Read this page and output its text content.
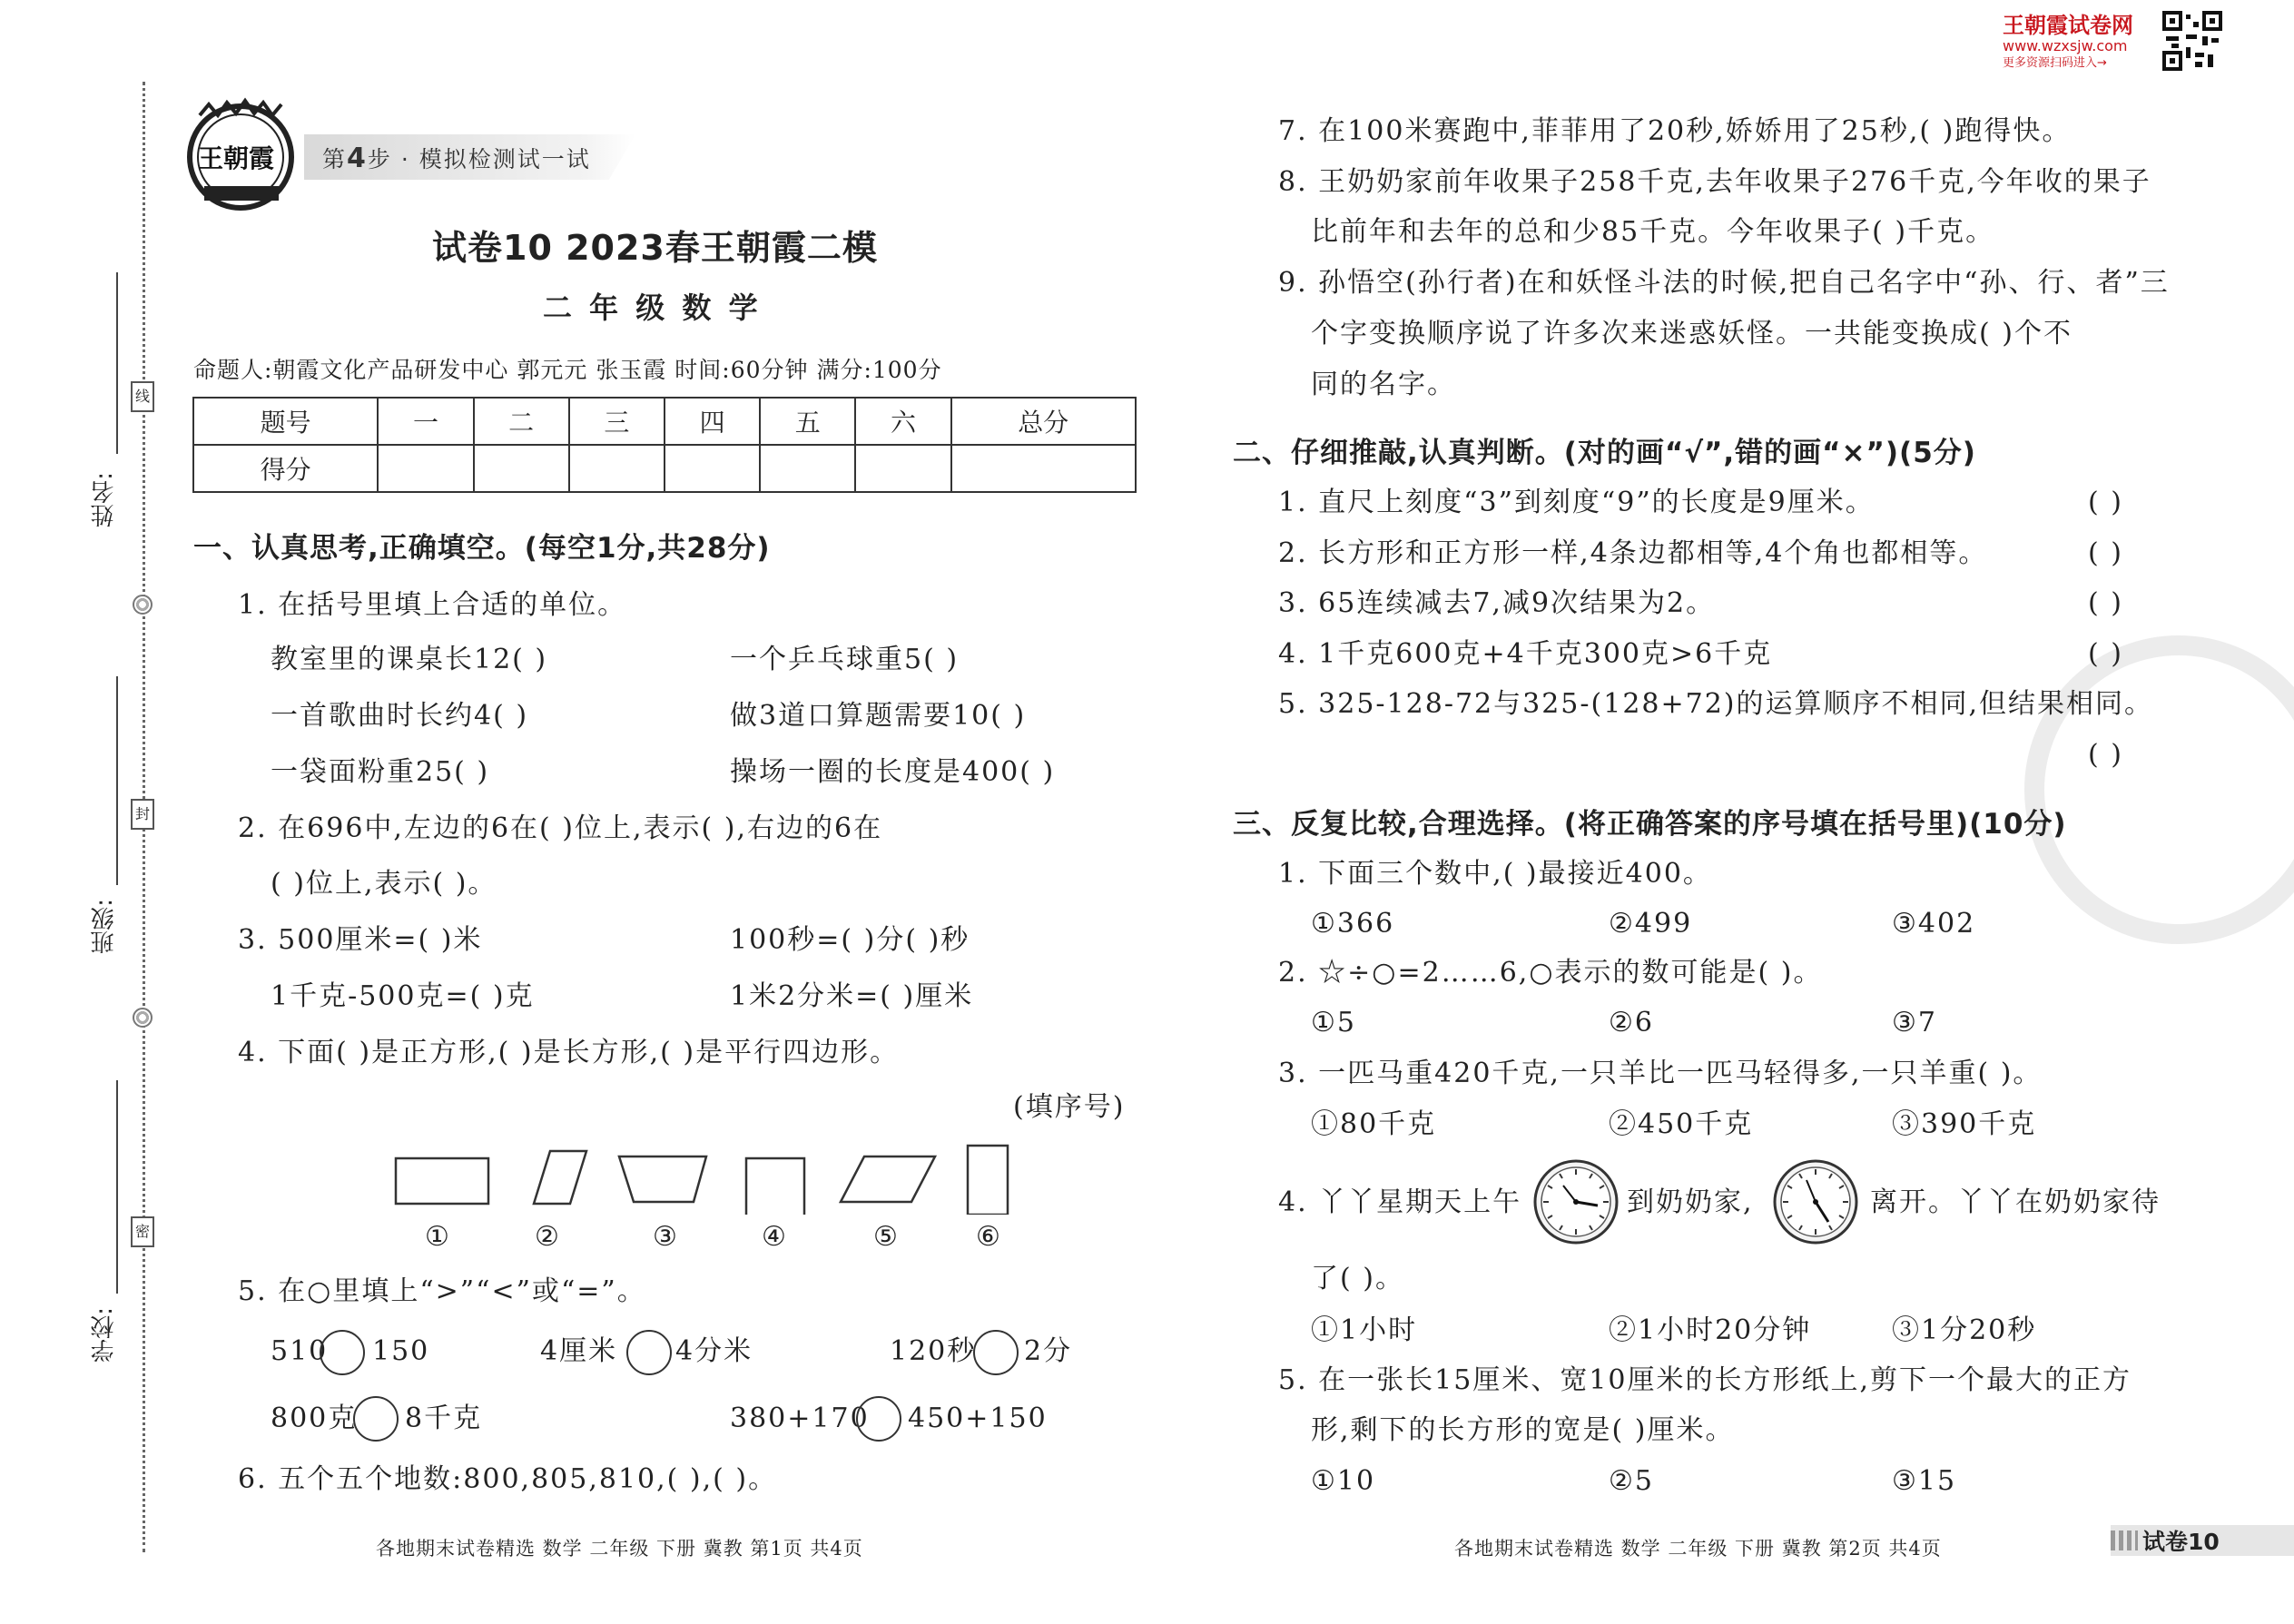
姓名:
线
班级:
封
学校:
密
王朝霞 第4步 · 模拟检测试一试
试卷10 2023春王朝霞二模
二 年 级 数 学
命题人:朝霞文化产品研发中心 郭元元 张玉霞 时间:60分钟 满分:100分
王朝霞试卷网
www.wzxsjw.com
更多资源扫码进入→
题号	一	二	三	四	五	六	总分
得分							
一、认真思考,正确填空。(每空1分,共28分)
1. 在括号里填上合适的单位。
教室里的课桌长12( )	一个乒乓球重5( )
一首歌曲时长约4( )	做3道口算题需要10( )
一袋面粉重25( )	操场一圈的长度是400( )
2. 在696中,左边的6在( )位上,表示( ),右边的6在
( )位上,表示( )。
3. 500厘米=( )米	100秒=( )分( )秒
1千克-500克=( )克	1米2分米=( )厘米
4. 下面( )是正方形,( )是长方形,( )是平行四边形。
(填序号)
①	②	③	④	⑤	⑥
5. 在○里填上“>”“<”或“=”。
510 150	4厘米 4分米	120秒 2分
800克 8千克	380+170 450+150
6. 五个五个地数:800,805,810,( ),( )。
各地期末试卷精选 数学 二年级 下册 冀教 第1页 共4页
7. 在100米赛跑中,菲菲用了20秒,娇娇用了25秒,( )跑得快。
8. 王奶奶家前年收果子258千克,去年收果子276千克,今年收的果子
比前年和去年的总和少85千克。今年收果子( )千克。
9. 孙悟空(孙行者)在和妖怪斗法的时候,把自己名字中“孙、行、者”三
个字变换顺序说了许多次来迷惑妖怪。一共能变换成( )个不
同的名字。
二、仔细推敲,认真判断。(对的画“√”,错的画“×”)(5分)
1. 直尺上刻度“3”到刻度“9”的长度是9厘米。	( )
2. 长方形和正方形一样,4条边都相等,4个角也都相等。	( )
3. 65连续减去7,减9次结果为2。	( )
4. 1千克600克+4千克300克>6千克	( )
5. 325-128-72与325-(128+72)的运算顺序不相同,但结果相同。
( )
三、反复比较,合理选择。(将正确答案的序号填在括号里)(10分)
1. 下面三个数中,( )最接近400。
①366	②499	③402
2. ☆÷○=2……6,○表示的数可能是( )。
①5	②6	③7
3. 一匹马重420千克,一只羊比一匹马轻得多,一只羊重( )。
①80千克	②450千克	③390千克
4. 丫丫星期天上午	到奶奶家,	离开。丫丫在奶奶家待
了( )。
①1小时	②1小时20分钟	③1分20秒
5. 在一张长15厘米、宽10厘米的长方形纸上,剪下一个最大的正方
形,剩下的长方形的宽是( )厘米。
①10	②5	③15
各地期末试卷精选 数学 二年级 下册 冀教 第2页 共4页	试卷10
